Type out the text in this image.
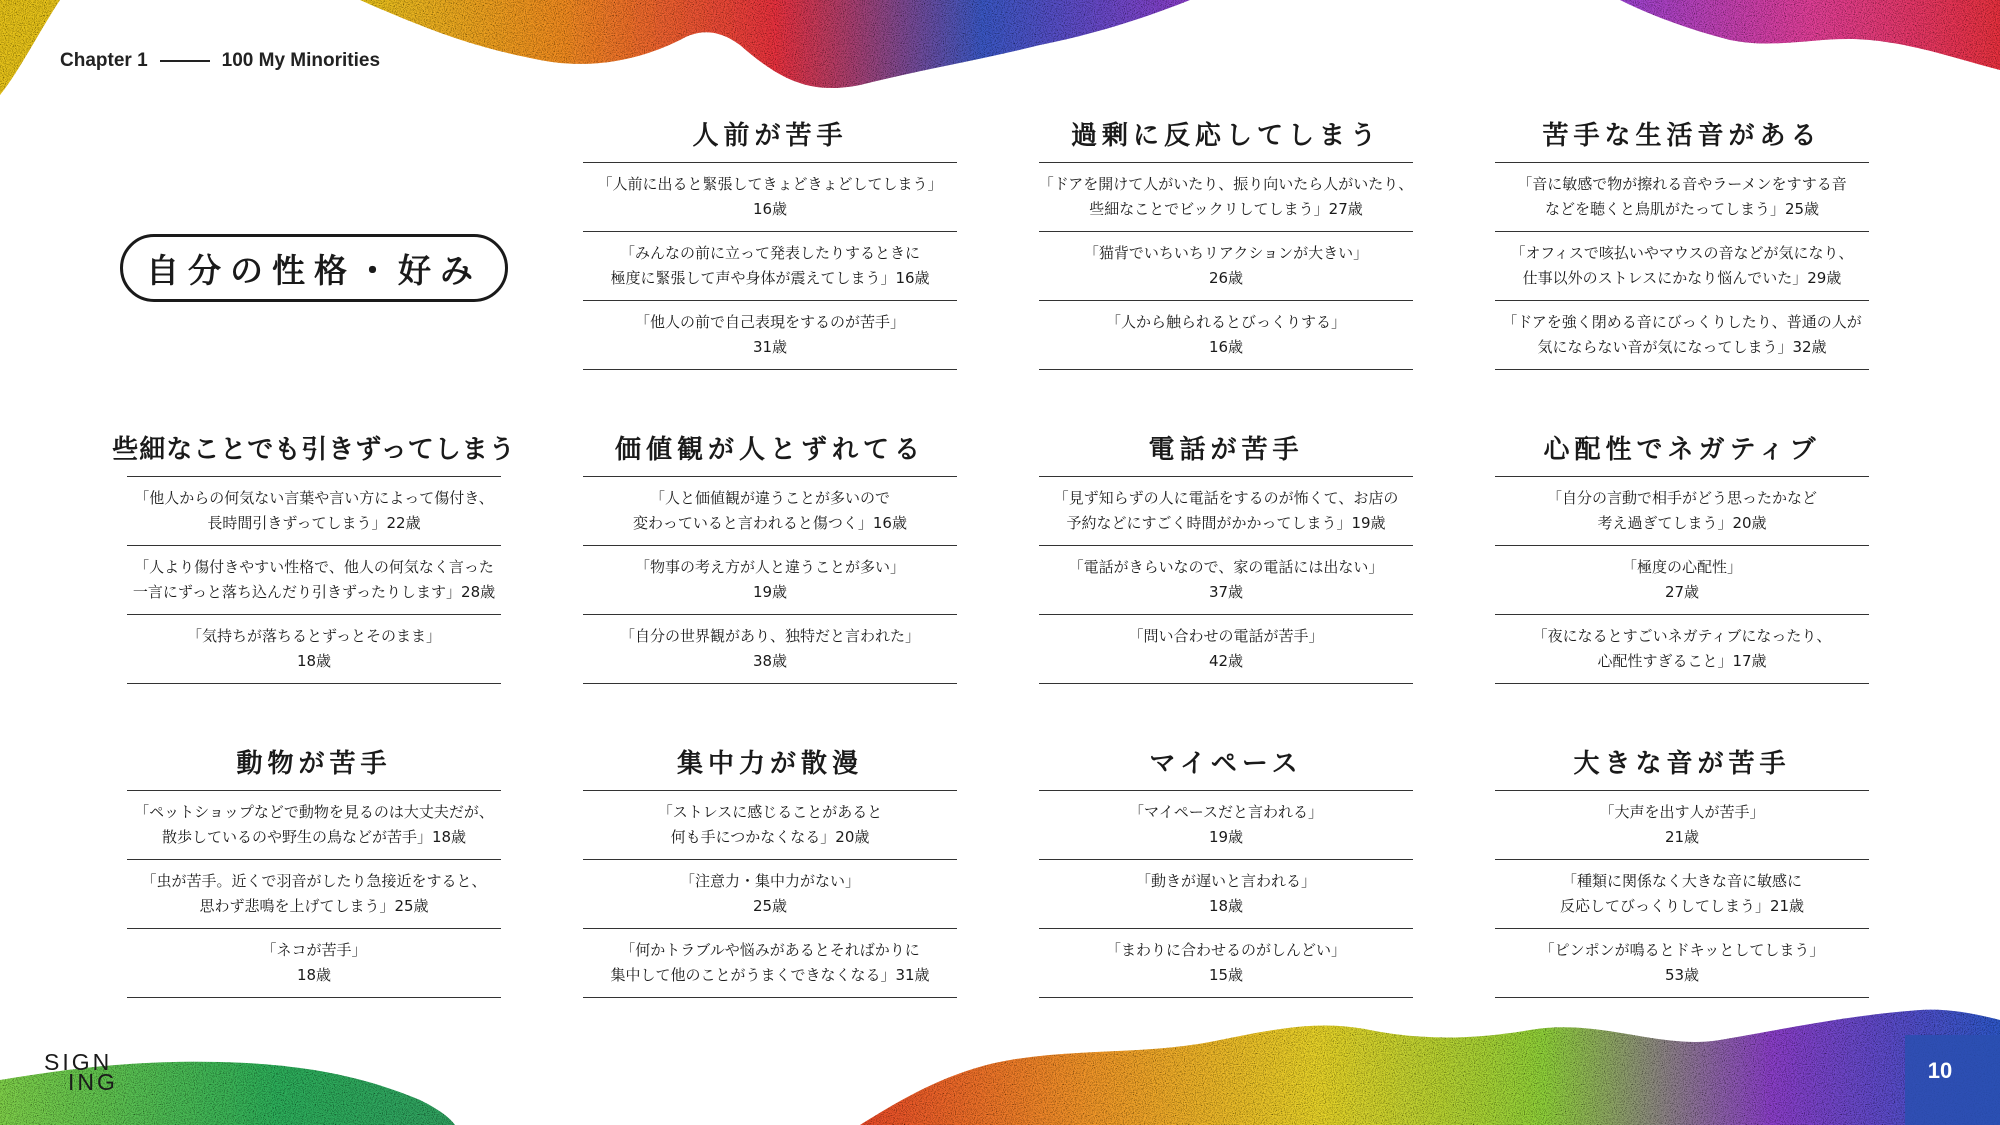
Chapter 1	100 My Minorities
自分の性格・好み
人前が苦手
「人前に出ると緊張してきょどきょどしてしまう」
16歳
「みんなの前に立って発表したりするときに
極度に緊張して声や身体が震えてしまう」16歳
「他人の前で自己表現をするのが苦手」
31歳
過剰に反応してしまう
「ドアを開けて人がいたり、振り向いたら人がいたり、
些細なことでビックリしてしまう」27歳
「猫背でいちいちリアクションが大きい」
26歳
「人から触られるとびっくりする」
16歳
苦手な生活音がある
「音に敏感で物が擦れる音やラーメンをすする音
などを聴くと鳥肌がたってしまう」25歳
「オフィスで咳払いやマウスの音などが気になり、
仕事以外のストレスにかなり悩んでいた」29歳
「ドアを強く閉める音にびっくりしたり、普通の人が
気にならない音が気になってしまう」32歳
些細なことでも引きずってしまう
「他人からの何気ない言葉や言い方によって傷付き、
長時間引きずってしまう」22歳
「人より傷付きやすい性格で、他人の何気なく言った
一言にずっと落ち込んだり引きずったりします」28歳
「気持ちが落ちるとずっとそのまま」
18歳
価値観が人とずれてる
「人と価値観が違うことが多いので
変わっていると言われると傷つく」16歳
「物事の考え方が人と違うことが多い」
19歳
「自分の世界観があり、独特だと言われた」
38歳
電話が苦手
「見ず知らずの人に電話をするのが怖くて、お店の
予約などにすごく時間がかかってしまう」19歳
「電話がきらいなので、家の電話には出ない」
37歳
「問い合わせの電話が苦手」
42歳
心配性でネガティブ
「自分の言動で相手がどう思ったかなど
考え過ぎてしまう」20歳
「極度の心配性」
27歳
「夜になるとすごいネガティブになったり、
心配性すぎること」17歳
動物が苦手
「ペットショップなどで動物を見るのは大丈夫だが、
散歩しているのや野生の鳥などが苦手」18歳
「虫が苦手。近くで羽音がしたり急接近をすると、
思わず悲鳴を上げてしまう」25歳
「ネコが苦手」
18歳
集中力が散漫
「ストレスに感じることがあると
何も手につかなくなる」20歳
「注意力・集中力がない」
25歳
「何かトラブルや悩みがあるとそればかりに
集中して他のことがうまくできなくなる」31歳
マイペース
「マイペースだと言われる」
19歳
「動きが遅いと言われる」
18歳
「まわりに合わせるのがしんどい」
15歳
大きな音が苦手
「大声を出す人が苦手」
21歳
「種類に関係なく大きな音に敏感に
反応してびっくりしてしまう」21歳
「ピンポンが鳴るとドキッとしてしまう」
53歳
SIGN
ING	10
